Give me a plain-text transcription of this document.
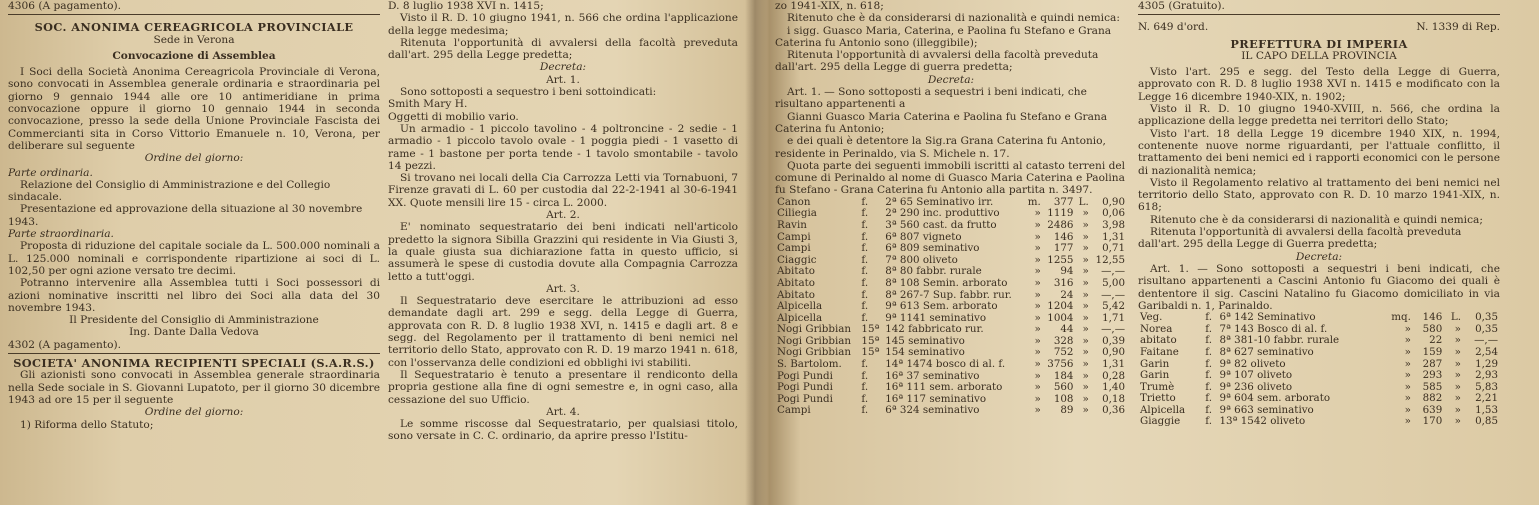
4306 (A pagamento).

SOC. ANONIMA CEREAGRICOLA PROVINCIALE

Sede in Verona

Convocazione di Assemblea

I Soci della Società Anonima Cereagricola Provinciale di Verona, sono convocati in Assemblea generale ordinaria e straordinaria pel giorno 9 gennaio 1944 alle ore 10 antimeridiane in prima convocazione oppure il giorno 10 gennaio 1944 in seconda convocazione, presso la sede della Unione Provinciale Fascista dei Commercianti sita in Corso Vittorio Emanuele n. 10, Verona, per deliberare sul seguente

Ordine del giorno:

Parte ordinaria.

Relazione del Consiglio di Amministrazione e del Collegio sindacale.

Presentazione ed approvazione della situazione al 30 novembre 1943.

Parte straordinaria.

Proposta di riduzione del capitale sociale da L. 500.000 nominali a L. 125.000 nominali e corrispondente ripartizione ai soci di L. 102,50 per ogni azione versato tre decimi.

Potranno intervenire alla Assemblea tutti i Soci possessori di azioni nominative inscritti nel libro dei Soci alla data del 30 novembre 1943.

Il Presidente del Consiglio di Amministrazione

Ing. Dante Dalla Vedova

4302 (A pagamento).

SOCIETA' ANONIMA RECIPIENTI SPECIALI (S.A.R.S.)

Gli azionisti sono convocati in Assemblea generale straordinaria nella Sede sociale in S. Giovanni Lupatoto, per il giorno 30 dicembre 1943 ad ore 15 per il seguente

Ordine del giorno:

1) Riforma dello Statuto;

D. 8 luglio 1938 XVI n. 1415;

Visto il R. D. 10 giugno 1941, n. 566 che ordina l'applicazione della legge medesima;

Ritenuta l'opportunità di avvalersi della facoltà preveduta dall'art. 295 della Legge predetta;

Decreta:

Art. 1.

Sono sottoposti a sequestro i beni sottoindicati:

Smith Mary H.

Oggetti di mobilio vario.

Un armadio - 1 piccolo tavolino - 4 poltroncine - 2 sedie - 1 armadio - 1 piccolo tavolo ovale - 1 poggia piedi - 1 vasetto di rame - 1 bastone per porta tende - 1 tavolo smontabile - tavolo 14 pezzi.

Si trovano nei locali della Cia Carrozza Letti via Tornabuoni, 7 Firenze gravati di L. 60 per custodia dal 22-2-1941 al 30-6-1941 XX. Quote mensili lire 15 - circa L. 2000.

Art. 2.

E' nominato sequestratario dei beni indicati nell'articolo predetto la signora Sibilla Grazzini qui residente in Via Giusti 3, la quale giusta sua dichiarazione fatta in questo ufficio, si assumerà le spese di custodia dovute alla Compagnia Carrozza letto a tutt'oggi.

Art. 3.

Il Sequestratario deve esercitare le attribuzioni ad esso demandate dagli art. 299 e segg. della Legge di Guerra, approvata con R. D. 8 luglio 1938 XVI, n. 1415 e dagli art. 8 e segg. del Regolamento per il trattamento di beni nemici nel territorio dello Stato, approvato con R. D. 19 marzo 1941 n. 618, con l'osservanza delle condizioni ed obblighi ivi stabiliti.

Il Sequestratario è tenuto a presentare il rendiconto della propria gestione alla fine di ogni semestre e, in ogni caso, alla cessazione del suo Ufficio.

Art. 4.

Le somme riscosse dal Sequestratario, per qualsiasi titolo, sono versate in C. C. ordinario, da aprire presso l'Istitu-

zo 1941-XIX, n. 618;

Ritenuto che è da considerarsi di nazionalità e quindi nemica:

i sigg. Guasco Maria, Caterina, e Paolina fu Stefano e Grana Caterina fu Antonio sono (illeggibile);

Ritenuta l'opportunità di avvalersi della facoltà preveduta dall'art. 295 della Legge di guerra predetta;

Decreta:

Art. 1. — Sono sottoposti a sequestri i beni indicati, che risultano appartenenti a

Gianni Guasco Maria Caterina e Paolina fu Stefano e Grana Caterina fu Antonio;

e dei quali è detentore la Sig.ra Grana Caterina fu Antonio, residente in Perinaldo, via S. Michele n. 17.

Quota parte dei seguenti immobili iscritti al catasto terreni del comune di Perinaldo al nome di Guasco Maria Caterina e Paolina fu Stefano - Grana Caterina fu Antonio alla partita n. 3497.

Canon	f.	2ª 65 Seminativo irr.	m.	377	L.	0,90
Ciliegia	f.	2ª 290 inc. produttivo	»	1119	»	0,06
Ravin	f.	3ª 560 cast. da frutto	»	2486	»	3,98
Campi	f.	6ª 807 vigneto	»	146	»	1,31
Campi	f.	6ª 809 seminativo	»	177	»	0,71
Ciaggic	f.	7ª 800 oliveto	»	1255	»	12,55
Abitato	f.	8ª 80 fabbr. rurale	»	94	»	—,—
Abitato	f.	8ª 108 Semin. arborato	»	316	»	5,00
Abitato	f.	8ª 267-7 Sup. fabbr. rur.	»	24	»	—,—
Alpicella	f.	9ª 613 Sem. arborato	»	1204	»	5,42
Alpicella	f.	9ª 1141 seminativo	»	1004	»	1,71
Nogi Gribbian	15ª	142 fabbricato rur.	»	44	»	—,—
Nogi Gribbian	15ª	145 seminativo	»	328	»	0,39
Nogi Gribbian	15ª	154 seminativo	»	752	»	0,90
S. Bartolom.	f.	14ª 1474 bosco di al. f.	»	3756	»	1,31
Pogi Pundi	f.	16ª 37 seminativo	»	184	»	0,28
Pogi Pundi	f.	16ª 111 sem. arborato	»	560	»	1,40
Pogi Pundi	f.	16ª 117 seminativo	»	108	»	0,18
Campi	f.	6ª 324 seminativo	»	89	»	0,36

4305 (Gratuito).

N. 649 d'ord.	N. 1339 di Rep.

PREFETTURA DI IMPERIA

IL CAPO DELLA PROVINCIA

Visto l'art. 295 e segg. del Testo della Legge di Guerra, approvato con R. D. 8 luglio 1938 XVI n. 1415 e modificato con la Legge 16 dicembre 1940-XIX, n. 1902;

Visto il R. D. 10 giugno 1940-XVIII, n. 566, che ordina la applicazione della legge predetta nei territori dello Stato;

Visto l'art. 18 della Legge 19 dicembre 1940 XIX, n. 1994, contenente nuove norme riguardanti, per l'attuale conflitto, il trattamento dei beni nemici ed i rapporti economici con le persone di nazionalità nemica;

Visto il Regolamento relativo al trattamento dei beni nemici nel territorio dello Stato, approvato con R. D. 10 marzo 1941-XIX, n. 618;

Ritenuto che è da considerarsi di nazionalità e quindi nemica;

Ritenuta l'opportunità di avvalersi della facoltà preveduta dall'art. 295 della Legge di Guerra predetta;

Decreta:

Art. 1. — Sono sottoposti a sequestri i beni indicati, che risultano appartenenti a Cascini Antonio fu Giacomo dei quali è dententore il sig. Cascini Natalino fu Giacomo domiciliato in via Garibaldi n. 1, Parinaldo.

Veg.	f.	6ª 142 Seminativo	mq.	146	L.	0,35
Norea	f.	7ª 143 Bosco di al. f.	»	580	»	0,35
abitato	f.	8ª 381-10 fabbr. rurale	»	22	»	—,—
Faitane	f.	8ª 627 seminativo	»	159	»	2,54
Garin	f.	9ª 82 oliveto	»	287	»	1,29
Garin	f.	9ª 107 oliveto	»	293	»	2,93
Trumè	f.	9ª 236 oliveto	»	585	»	5,83
Trietto	f.	9ª 604 sem. arborato	»	882	»	2,21
Alpicella	f.	9ª 663 seminativo	»	639	»	1,53
Giaggie	f.	13ª 1542 oliveto	»	170	»	0,85
